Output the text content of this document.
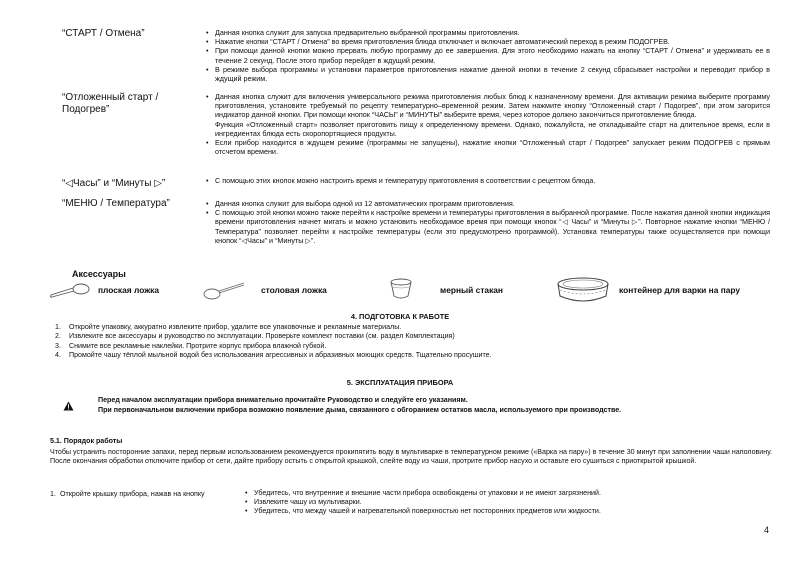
“СТАРТ / Отмена”
“Отложенный старт / Подогрев”
“◁Часы” и “Минуты ▷”
“МЕНЮ / Температура”
• Данная кнопка служит для запуска предварительно выбранной программы приготовления.
• Нажатие кнопки “СТАРТ / Отмена” во время приготовления блюда отключает и включает автоматический переход в режим ПОДОГРЕВ.
• При помощи данной кнопки можно прервать любую программу до ее завершения. Для этого необходимо нажать на кнопку “СТАРТ / Отмена” и удерживать ее в течение 2 секунд. После этого прибор перейдет в ждущий режим.
• В режиме выбора программы и установки параметров приготовления нажатие данной кнопки в течение 2 секунд сбрасывает настройки и переводит прибор в ждущий режим.
• Данная кнопка служит для включения универсального режима приготовления любых блюд к назначенному времени. Для активации режима выберите программу приготовления, установите требуемый по рецепту температурно–временной режим. Затем нажмите кнопку “Отложенный старт / Подогрев”, при этом загорится индикатор данной кнопки. При помощи кнопок “ЧАСЫ” и “МИНУТЫ” выберите время, через которое должно закончиться приготовление блюда.

Функция «Отложенный старт» позволяет приготовить пищу к определенному времени. Однако, пожалуйста, не откладывайте старт на длительное время, если в ингредиентах блюда есть скоропортящиеся продукты.

• Если прибор находится в ждущем режиме (программы не запущены), нажатие кнопки “Отложенный старт / Подогрев” запускает режим ПОДОГРЕВ с прямым отсчетом времени.
• С помощью этих кнопок можно настроить время и температуру приготовления в соответствии с рецептом блюда.
• Данная кнопка служит для выбора одной из 12 автоматических программ приготовления.
• С помощью этой кнопки можно также перейти к настройке времени и температуры приготовления в выбранной программе. После нажатия данной кнопки индикация времени приготовления начнет мигать и можно установить необходимое время при помощи кнопок “◁ Часы” и “Минуты ▷”. Повторное нажатие кнопки “МЕНЮ / Температура” позволяет перейти к настройке температуры (если это предусмотрено программой). Установка температуры также осуществляется при помощи кнопок “◁Часы” и “Минуты ▷”.
Аксессуары
плоская ложка	столовая ложка	мерный стакан	контейнер для варки на пару
4. ПОДГОТОВКА К РАБОТЕ
1. Откройте упаковку, аккуратно извлеките прибор, удалите все упаковочные и рекламные материалы.
2. Извлеките все аксессуары и руководство по эксплуатации. Проверьте комплект поставки (см. раздел Комплектация)
3. Снимите все рекламные наклейки. Протрите корпус прибора влажной губкой.
4. Промойте чашу тёплой мыльной водой без использования агрессивных и абразивных моющих средств. Тщательно просушите.
5. ЭКСПЛУАТАЦИЯ ПРИБОРА
Перед началом эксплуатации прибора внимательно прочитайте Руководство и следуйте его указаниям.
При первоначальном включении прибора возможно появление дыма, связанного с обгоранием остатков масла, используемого при производстве.
5.1. Порядок работы
Чтобы устранить посторонние запахи, перед первым использованием рекомендуется прокипятить воду в мультиварке в температурном режиме («Варка на пару») в течение 30 минут при заполнении чаши наполовину. После окончания обработки отключите прибор от сети, дайте прибору остыть с открытой крышкой, слейте воду из чаши, протрите прибор насухо и оставьте его сушиться с приоткрытой крышкой.
1. Откройте крышку прибора, нажав на кнопку
•	Убедитесь, что внутренние и внешние части прибора освобождены от упаковки и не имеют загрязнений.
• Извлеките чашу из мультиварки.
• Убедитесь, что между чашей и нагревательной поверхностью нет посторонних предметов или жидкости.
4
